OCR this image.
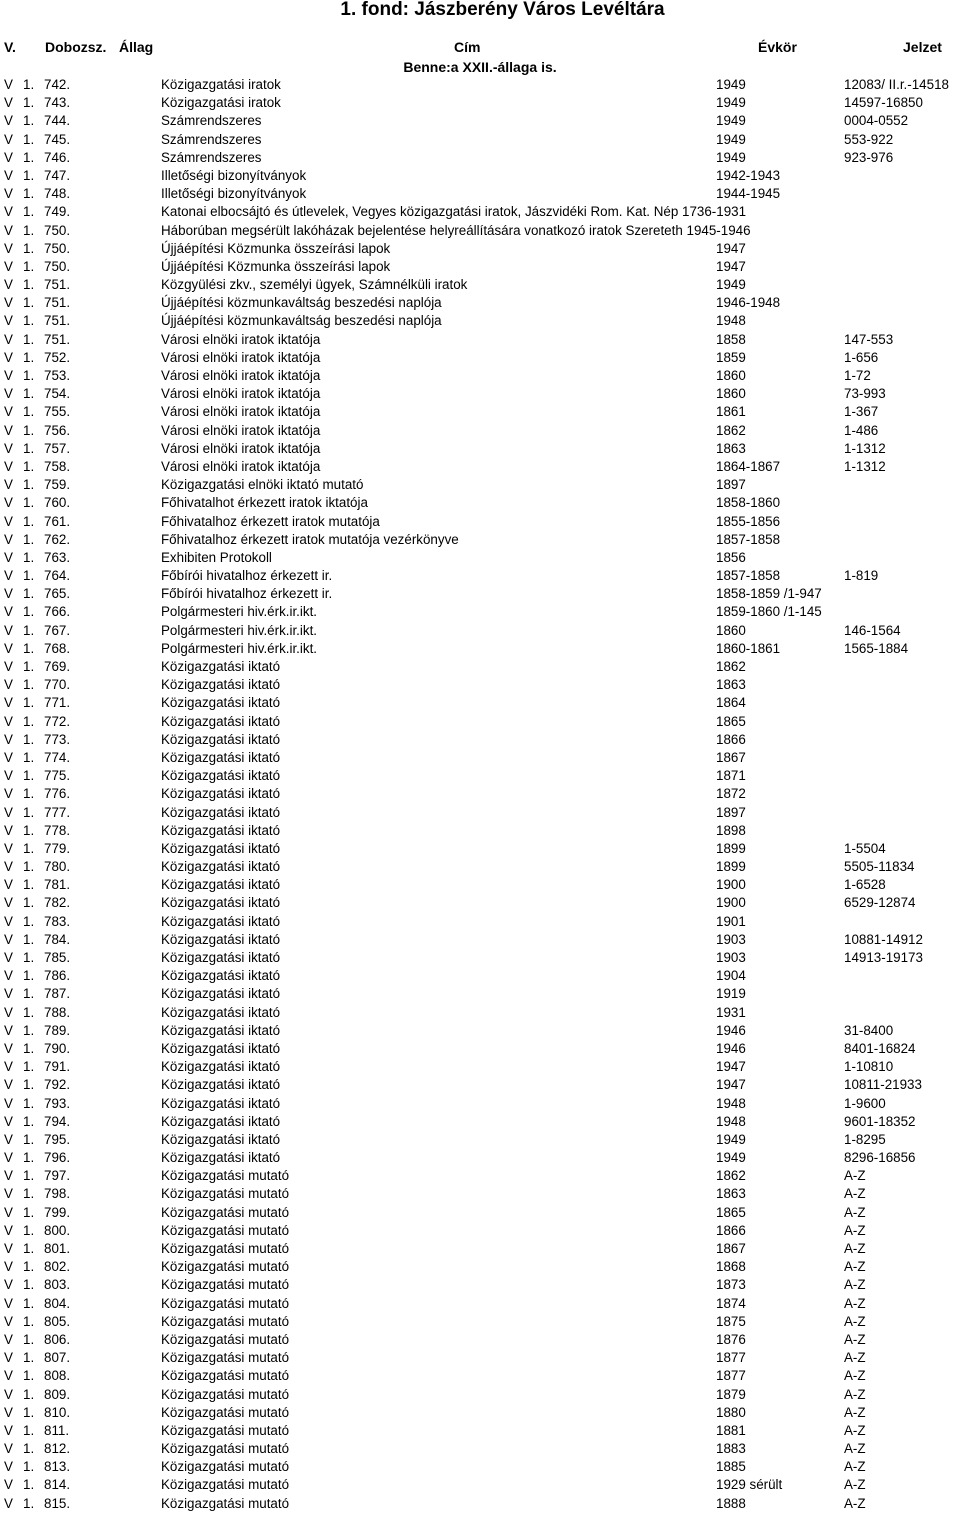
1. fond: Jászberény Város Levéltára
V. Dobozsz. Állag	Cím	Évkör	Jelzet
Benne:a XXII.-állaga is.
V 1. 742.	Közigazgatási iratok	1949	12083/ II.r.-14518
V 1. 743.	Közigazgatási iratok	1949	14597-16850
V 1. 744.	Számrendszeres	1949	0004-0552
V 1. 745.	Számrendszeres	1949	553-922
V 1. 746.	Számrendszeres	1949	923-976
V 1. 747.	Illetőségi bizonyítványok	1942-1943
V 1. 748.	Illetőségi bizonyítványok	1944-1945
V 1. 749.	Katonai elbocsájtó és útlevelek, Vegyes közigazgatási iratok, Jászvidéki Rom. Kat. Nép 1736-1931
V 1. 750.	Háborúban megsérült lakóházak bejelentése helyreállítására vonatkozó iratok Szereteth 1945-1946
V 1. 750.	Újjáépítési Közmunka összeírási lapok	1947
V 1. 750.	Újjáépítési Közmunka összeírási lapok	1947
V 1. 751.	Közgyülési zkv., személyi ügyek, Számnélküli iratok	1949
V 1. 751.	Újjáépítési közmunkaváltság beszedési naplója	1946-1948
V 1. 751.	Újjáépítési közmunkaváltság beszedési naplója	1948
V 1. 751.	Városi elnöki iratok iktatója	1858	147-553
V 1. 752.	Városi elnöki iratok iktatója	1859	1-656
V 1. 753.	Városi elnöki iratok iktatója	1860	1-72
V 1. 754.	Városi elnöki iratok iktatója	1860	73-993
V 1. 755.	Városi elnöki iratok iktatója	1861	1-367
V 1. 756.	Városi elnöki iratok iktatója	1862	1-486
V 1. 757.	Városi elnöki iratok iktatója	1863	1-1312
V 1. 758.	Városi elnöki iratok iktatója	1864-1867	1-1312
V 1. 759.	Közigazgatási elnöki iktató mutató	1897
V 1. 760.	Főhivatalhot érkezett iratok iktatója	1858-1860
V 1. 761.	Főhivatalhoz érkezett iratok mutatója	1855-1856
V 1. 762.	Főhivatalhoz érkezett iratok mutatója vezérkönyve	1857-1858
V 1. 763.	Exhibiten Protokoll	1856
V 1. 764.	Főbírói hivatalhoz érkezett ir.	1857-1858	1-819
V 1. 765.	Főbírói hivatalhoz érkezett ir.	1858-1859 /1-947
V 1. 766.	Polgármesteri hiv.érk.ir.ikt.	1859-1860 /1-145
V 1. 767.	Polgármesteri hiv.érk.ir.ikt.	1860	146-1564
V 1. 768.	Polgármesteri hiv.érk.ir.ikt.	1860-1861	1565-1884
V 1. 769.	Közigazgatási iktató	1862
V 1. 770.	Közigazgatási iktató	1863
V 1. 771.	Közigazgatási iktató	1864
V 1. 772.	Közigazgatási iktató	1865
V 1. 773.	Közigazgatási iktató	1866
V 1. 774.	Közigazgatási iktató	1867
V 1. 775.	Közigazgatási iktató	1871
V 1. 776.	Közigazgatási iktató	1872
V 1. 777.	Közigazgatási iktató	1897
V 1. 778.	Közigazgatási iktató	1898
V 1. 779.	Közigazgatási iktató	1899	1-5504
V 1. 780.	Közigazgatási iktató	1899	5505-11834
V 1. 781.	Közigazgatási iktató	1900	1-6528
V 1. 782.	Közigazgatási iktató	1900	6529-12874
V 1. 783.	Közigazgatási iktató	1901
V 1. 784.	Közigazgatási iktató	1903	10881-14912
V 1. 785.	Közigazgatási iktató	1903	14913-19173
V 1. 786.	Közigazgatási iktató	1904
V 1. 787.	Közigazgatási iktató	1919
V 1. 788.	Közigazgatási iktató	1931
V 1. 789.	Közigazgatási iktató	1946	31-8400
V 1. 790.	Közigazgatási iktató	1946	8401-16824
V 1. 791.	Közigazgatási iktató	1947	1-10810
V 1. 792.	Közigazgatási iktató	1947	10811-21933
V 1. 793.	Közigazgatási iktató	1948	1-9600
V 1. 794.	Közigazgatási iktató	1948	9601-18352
V 1. 795.	Közigazgatási iktató	1949	1-8295
V 1. 796.	Közigazgatási iktató	1949	8296-16856
V 1. 797.	Közigazgatási mutató	1862	A-Z
V 1. 798.	Közigazgatási mutató	1863	A-Z
V 1. 799.	Közigazgatási mutató	1865	A-Z
V 1. 800.	Közigazgatási mutató	1866	A-Z
V 1. 801.	Közigazgatási mutató	1867	A-Z
V 1. 802.	Közigazgatási mutató	1868	A-Z
V 1. 803.	Közigazgatási mutató	1873	A-Z
V 1. 804.	Közigazgatási mutató	1874	A-Z
V 1. 805.	Közigazgatási mutató	1875	A-Z
V 1. 806.	Közigazgatási mutató	1876	A-Z
V 1. 807.	Közigazgatási mutató	1877	A-Z
V 1. 808.	Közigazgatási mutató	1877	A-Z
V 1. 809.	Közigazgatási mutató	1879	A-Z
V 1. 810.	Közigazgatási mutató	1880	A-Z
V 1. 811.	Közigazgatási mutató	1881	A-Z
V 1. 812.	Közigazgatási mutató	1883	A-Z
V 1. 813.	Közigazgatási mutató	1885	A-Z
V 1. 814.	Közigazgatási mutató	1929 sérült	A-Z
V 1. 815.	Közigazgatási mutató	1888	A-Z
